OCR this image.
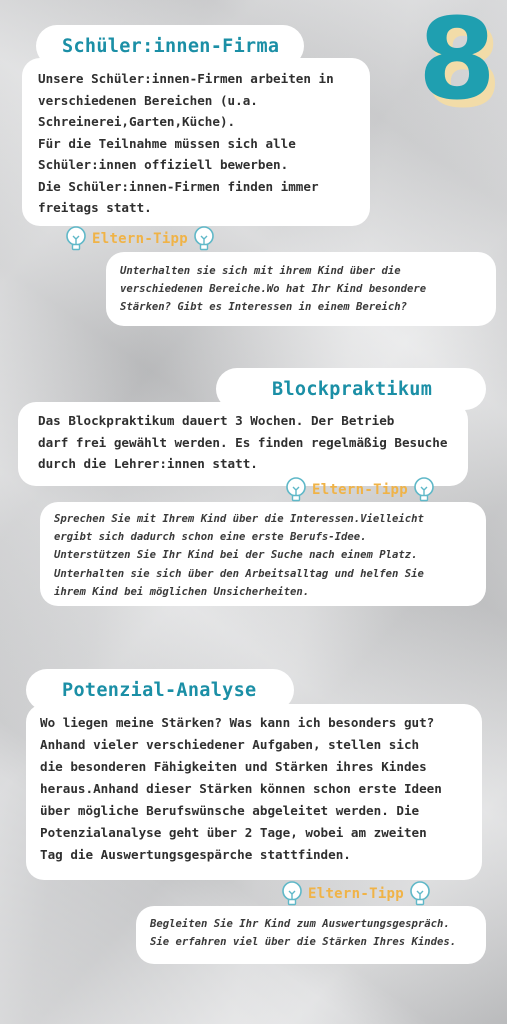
8
Schüler:innen-Firma
Unsere Schüler:innen-Firmen arbeiten in
verschiedenen Bereichen (u.a.
Schreinerei,Garten,Küche).
Für die Teilnahme müssen sich alle
Schüler:innen offiziell bewerben.
Die Schüler:innen-Firmen finden immer
freitags statt.
Eltern-Tipp
Unterhalten sie sich mit ihrem Kind über die
verschiedenen Bereiche.Wo hat Ihr Kind besondere
Stärken? Gibt es Interessen in einem Bereich?
Blockpraktikum
Das Blockpraktikum dauert 3 Wochen. Der Betrieb
darf frei gewählt werden. Es finden regelmäßig Besuche
durch die Lehrer:innen statt.
Eltern-Tipp
Sprechen Sie mit Ihrem Kind über die Interessen.Vielleicht
ergibt sich dadurch schon eine erste Berufs-Idee.
Unterstützen Sie Ihr Kind bei der Suche nach einem Platz.
Unterhalten sie sich über den Arbeitsalltag und helfen Sie
ihrem Kind bei möglichen Unsicherheiten.
Potenzial-Analyse
Wo liegen meine Stärken? Was kann ich besonders gut?
Anhand vieler verschiedener Aufgaben, stellen sich
die besonderen Fähigkeiten und Stärken ihres Kindes
heraus.Anhand dieser Stärken können schon erste Ideen
über mögliche Berufswünsche abgeleitet werden. Die
Potenzialanalyse geht über 2 Tage, wobei am zweiten
Tag die Auswertungsgespärche stattfinden.
Eltern-Tipp
Begleiten Sie Ihr Kind zum Auswertungsgespräch.
Sie erfahren viel über die Stärken Ihres Kindes.
